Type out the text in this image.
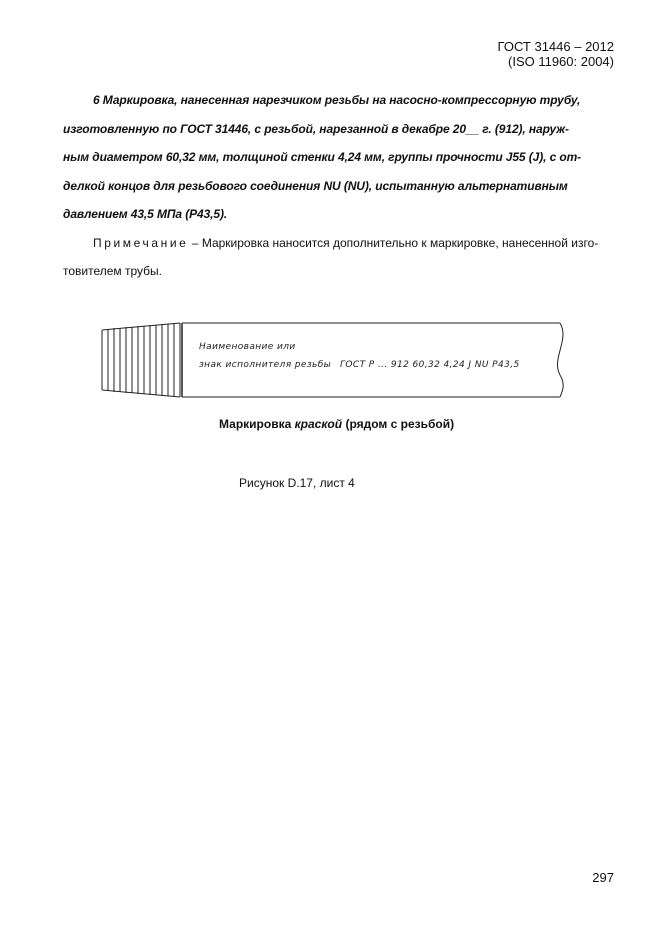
ГОСТ 31446 – 2012
(ISO 11960: 2004)
6 Маркировка, нанесенная нарезчиком резьбы на насосно-компрессорную трубу,
изготовленную по ГОСТ 31446, с резьбой, нарезанной в декабре 20__ г. (912), наруж-
ным диаметром 60,32 мм, толщиной стенки 4,24 мм, группы прочности J55 (J), с от-
делкой концов для резьбового соединения NU (NU), испытанную альтернативным
давлением 43,5 МПа (Р43,5).
Примечание – Маркировка наносится дополнительно к маркировке, нанесенной изго-
товителем трубы.
Наименование или
знак исполнителя резьбы ГОСТ Р ... 912 60,32 4,24 J NU Р43,5
Маркировка краской (рядом с резьбой)
Рисунок D.17, лист 4
297
